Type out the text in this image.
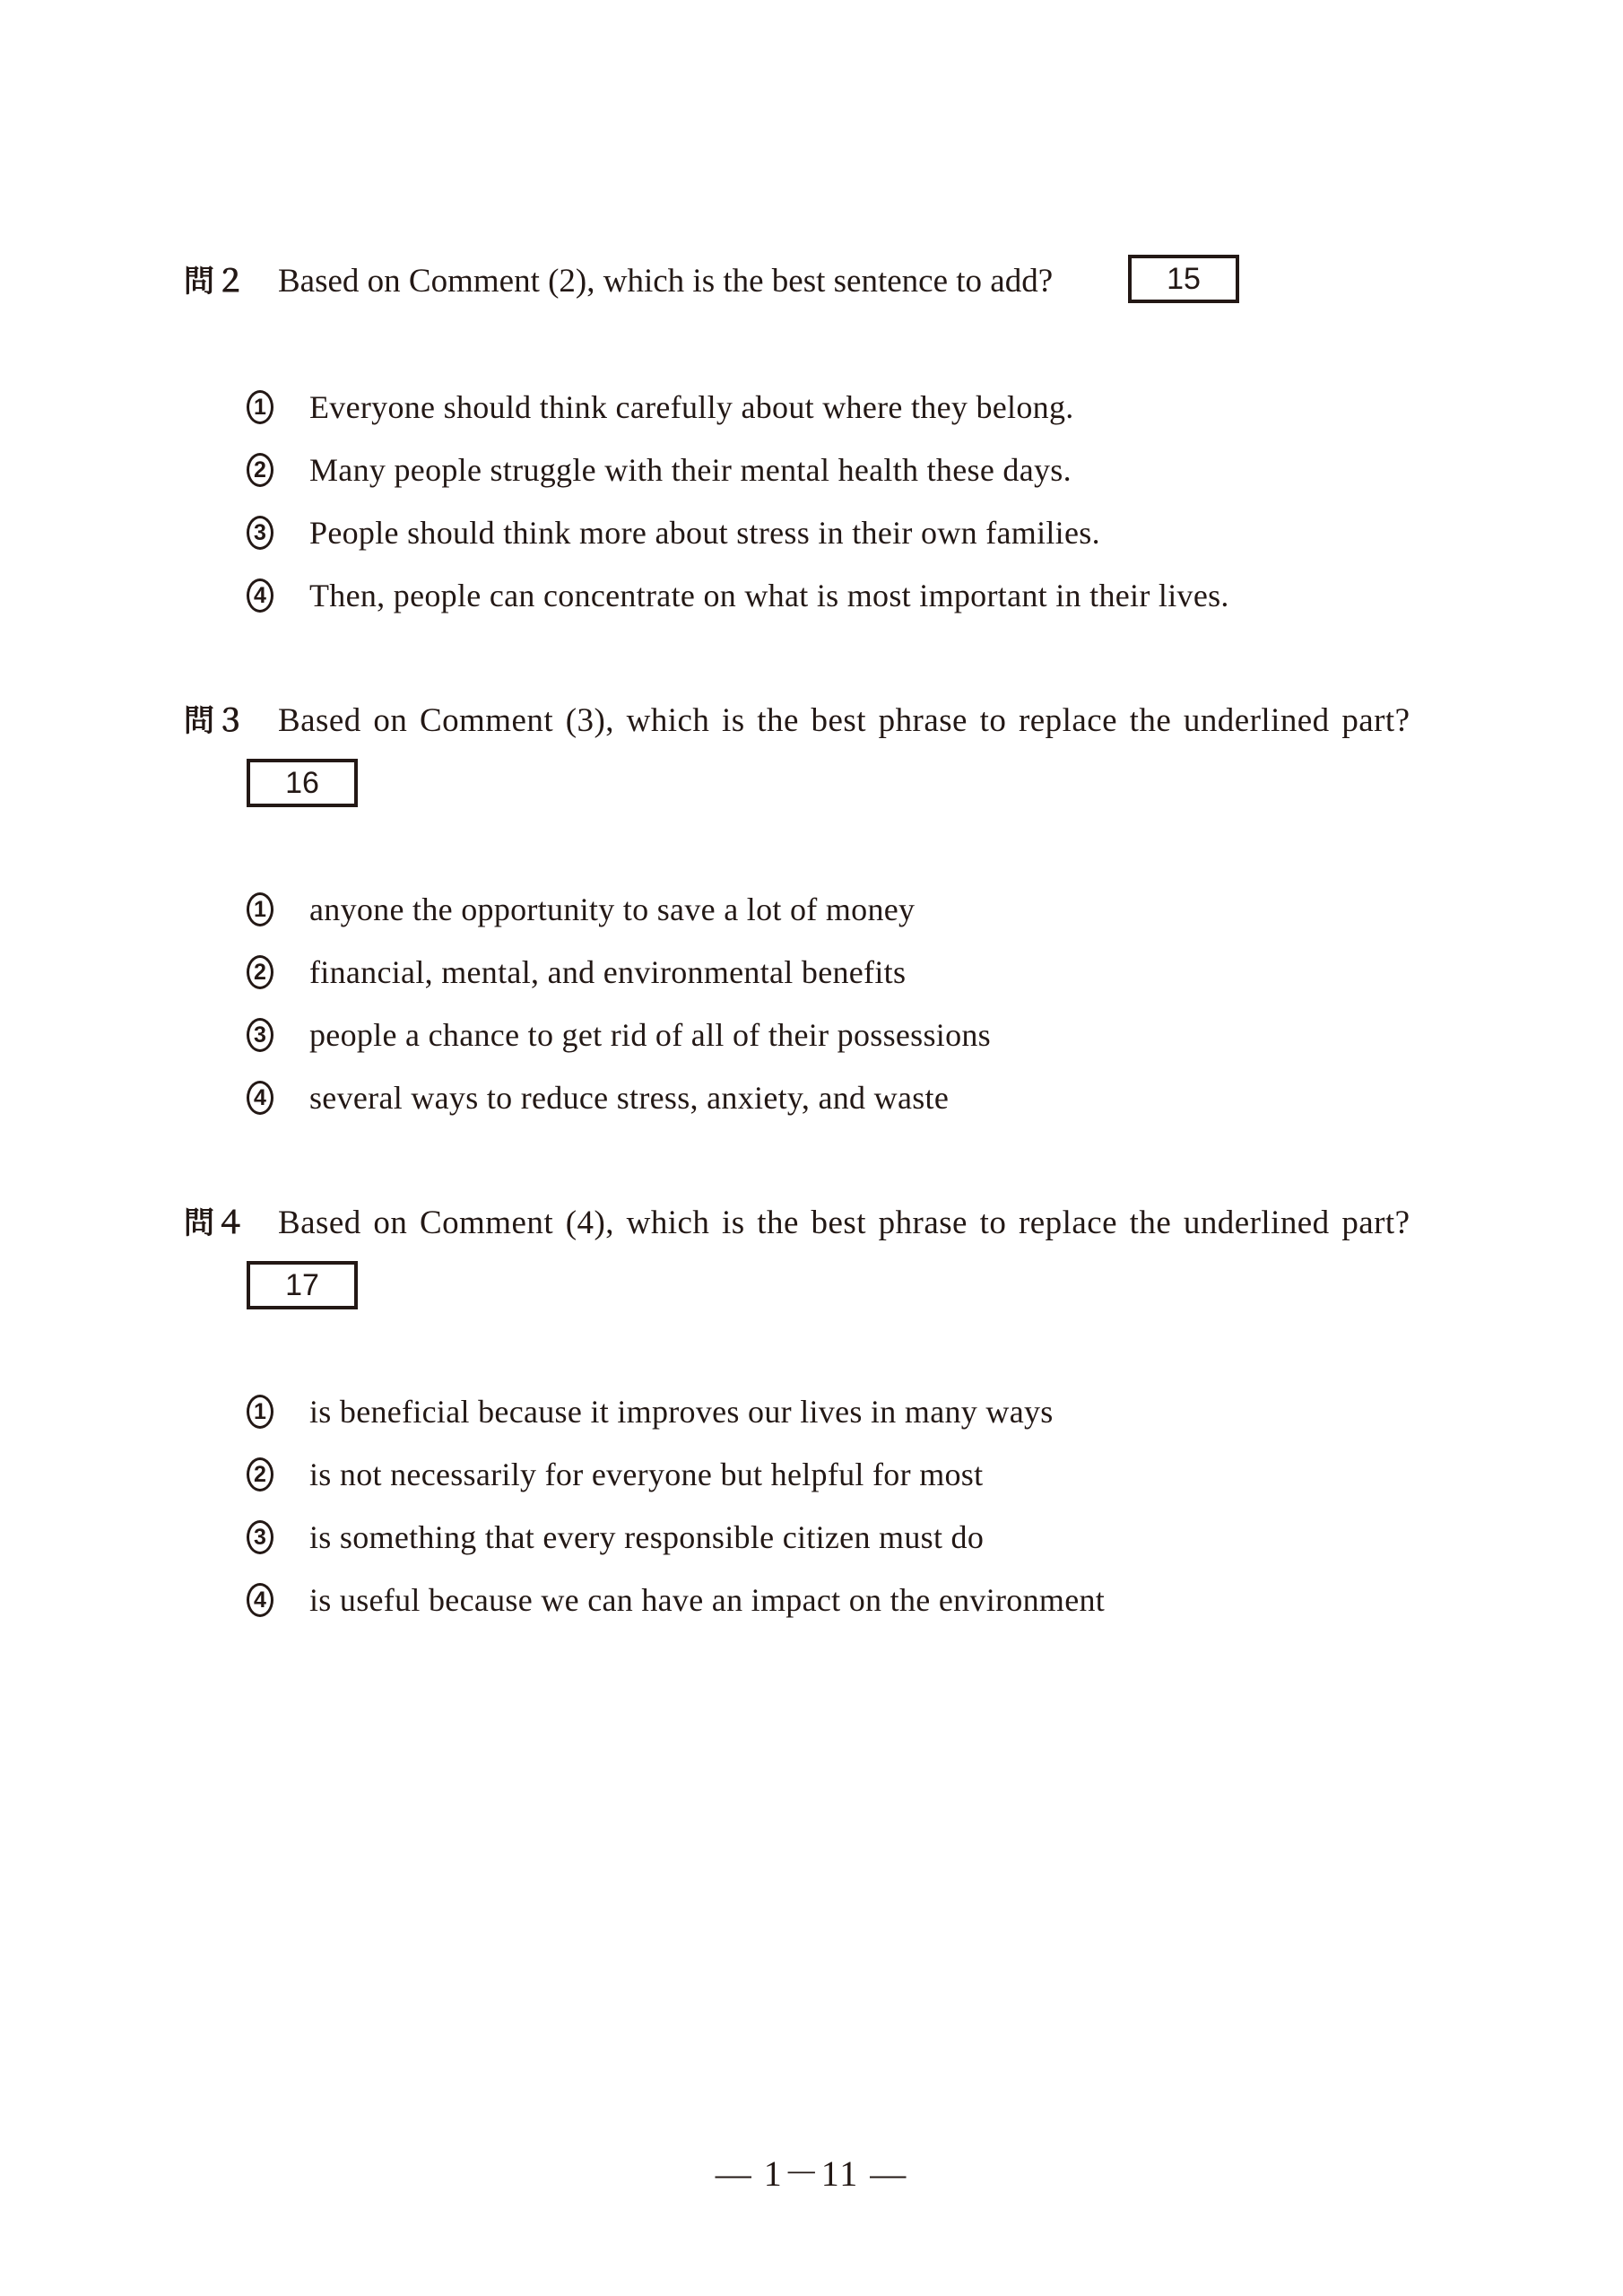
問２ Based on Comment (2), which is the best sentence to add?	15
1 Everyone should think carefully about where they belong.
2 Many people struggle with their mental health these days.
3 People should think more about stress in their own families.
4 Then, people can concentrate on what is most important in their lives.
問３ Based on Comment (3), which is the best phrase to replace the underlined part?
16
1 anyone the opportunity to save a lot of money
2 financial, mental, and environmental benefits
3 people a chance to get rid of all of their possessions
4 several ways to reduce stress, anxiety, and waste
問４ Based on Comment (4), which is the best phrase to replace the underlined part?
17
1 is beneficial because it improves our lives in many ways
2 is not necessarily for everyone but helpful for most
3 is something that every responsible citizen must do
4 is useful because we can have an impact on the environment
— 1－11 —
